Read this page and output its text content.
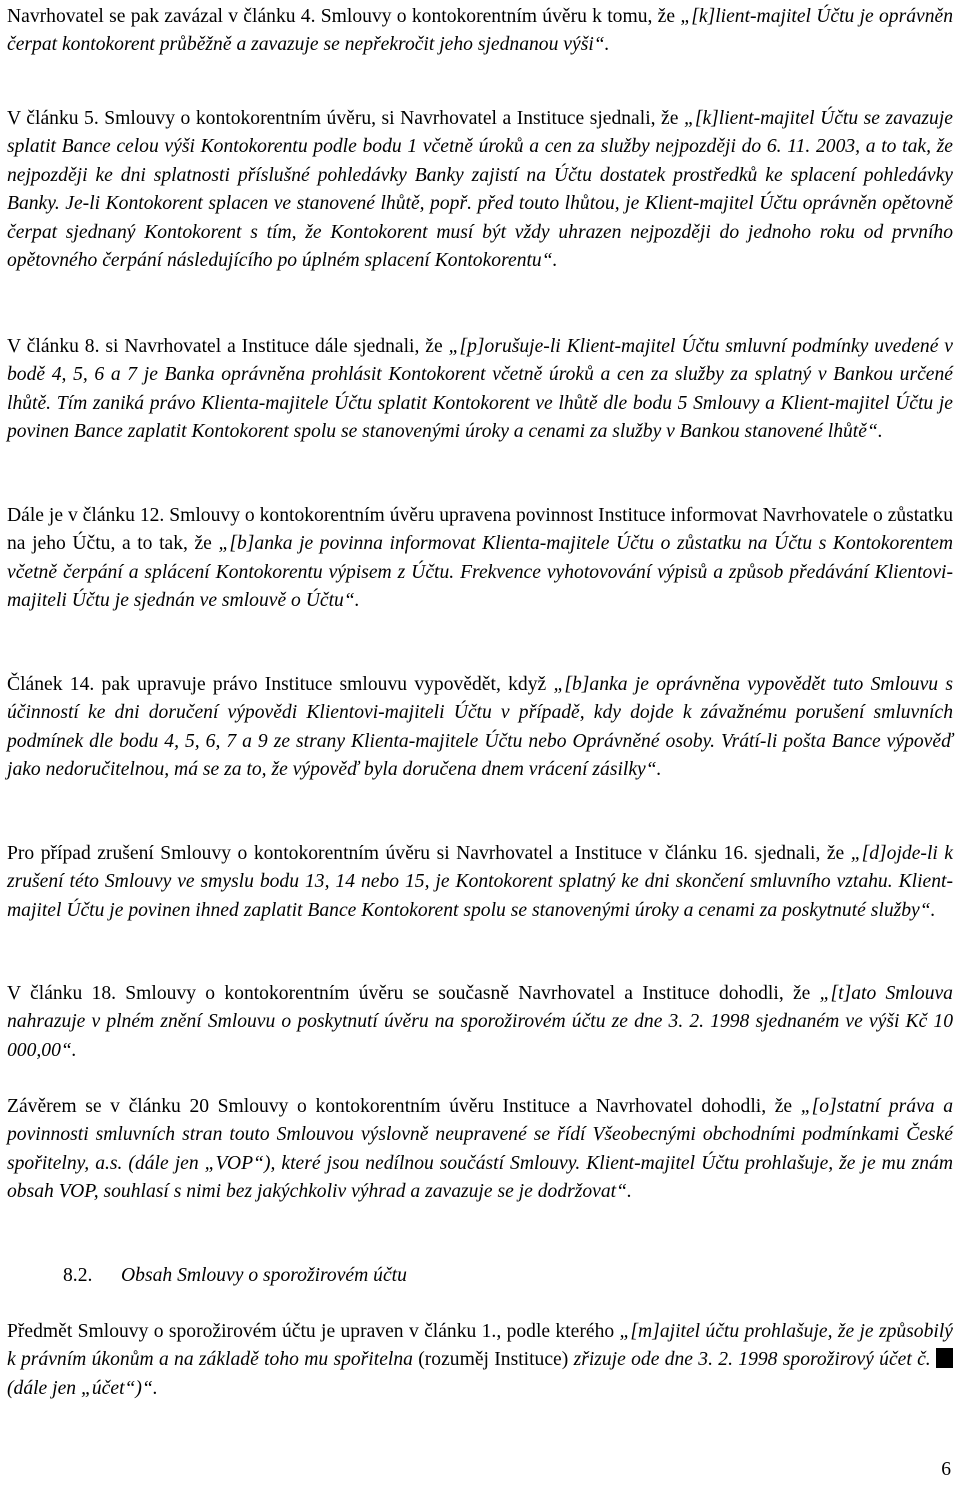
Navrhovatel se pak zavázal v článku 4. Smlouvy o kontokorentním úvěru k tomu, že „[k]lient-majitel Účtu je oprávněn čerpat kontokorent průběžně a zavazuje se nepřekročit jeho sjednanou výši“.

V článku 5. Smlouvy o kontokorentním úvěru, si Navrhovatel a Instituce sjednali, že „[k]lient-majitel Účtu se zavazuje splatit Bance celou výši Kontokorentu podle bodu 1 včetně úroků a cen za služby nejpozději do 6. 11. 2003, a to tak, že nejpozději ke dni splatnosti příslušné pohledávky Banky zajistí na Účtu dostatek prostředků ke splacení pohledávky Banky. Je-li Kontokorent splacen ve stanovené lhůtě, popř. před touto lhůtou, je Klient-majitel Účtu oprávněn opětovně čerpat sjednaný Kontokorent s tím, že Kontokorent musí být vždy uhrazen nejpozději do jednoho roku od prvního opětovného čerpání následujícího po úplném splacení Kontokorentu“.

V článku 8. si Navrhovatel a Instituce dále sjednali, že „[p]orušuje-li Klient-majitel Účtu smluvní podmínky uvedené v bodě 4, 5, 6 a 7 je Banka oprávněna prohlásit Kontokorent včetně úroků a cen za služby za splatný v Bankou určené lhůtě. Tím zaniká právo Klienta-majitele Účtu splatit Kontokorent ve lhůtě dle bodu 5 Smlouvy a Klient-majitel Účtu je povinen Bance zaplatit Kontokorent spolu se stanovenými úroky a cenami za služby v Bankou stanovené lhůtě“.

Dále je v článku 12. Smlouvy o kontokorentním úvěru upravena povinnost Instituce informovat Navrhovatele o zůstatku na jeho Účtu, a to tak, že „[b]anka je povinna informovat Klienta-majitele Účtu o zůstatku na Účtu s Kontokorentem včetně čerpání a splácení Kontokorentu výpisem z Účtu. Frekvence vyhotovování výpisů a způsob předávání Klientovi-majiteli Účtu je sjednán ve smlouvě o Účtu“.

Článek 14. pak upravuje právo Instituce smlouvu vypovědět, když „[b]anka je oprávněna vypovědět tuto Smlouvu s účinností ke dni doručení výpovědi Klientovi-majiteli Účtu v případě, kdy dojde k závažnému porušení smluvních podmínek dle bodu 4, 5, 6, 7 a 9 ze strany Klienta-majitele Účtu nebo Oprávněné osoby. Vrátí-li pošta Bance výpověď jako nedoručitelnou, má se za to, že výpověď byla doručena dnem vrácení zásilky“.

Pro případ zrušení Smlouvy o kontokorentním úvěru si Navrhovatel a Instituce v článku 16. sjednali, že „[d]ojde-li k zrušení této Smlouvy ve smyslu bodu 13, 14 nebo 15, je Kontokorent splatný ke dni skončení smluvního vztahu. Klient-majitel Účtu je povinen ihned zaplatit Bance Kontokorent spolu se stanovenými úroky a cenami za poskytnuté služby“.

V článku 18. Smlouvy o kontokorentním úvěru se současně Navrhovatel a Instituce dohodli, že „[t]ato Smlouva nahrazuje v plném znění Smlouvu o poskytnutí úvěru na sporožirovém účtu ze dne 3. 2. 1998 sjednaném ve výši Kč 10 000,00“.

Závěrem se v článku 20 Smlouvy o kontokorentním úvěru Instituce a Navrhovatel dohodli, že „[o]statní práva a povinnosti smluvních stran touto Smlouvou výslovně neupravené se řídí Všeobecnými obchodními podmínkami České spořitelny, a.s. (dále jen „VOP“), které jsou nedílnou součástí Smlouvy. Klient-majitel Účtu prohlašuje, že je mu znám obsah VOP, souhlasí s nimi bez jakýchkoliv výhrad a zavazuje se je dodržovat“.

8.2. Obsah Smlouvy o sporožirovém účtu

Předmět Smlouvy o sporožirovém účtu je upraven v článku 1., podle kterého „[m]ajitel účtu prohlašuje, že je způsobilý k právním úkonům a na základě toho mu spořitelna (rozuměj Instituce) zřizuje ode dne 3. 2. 1998 sporožirový účet č.  (dále jen „účet“)“.

6
